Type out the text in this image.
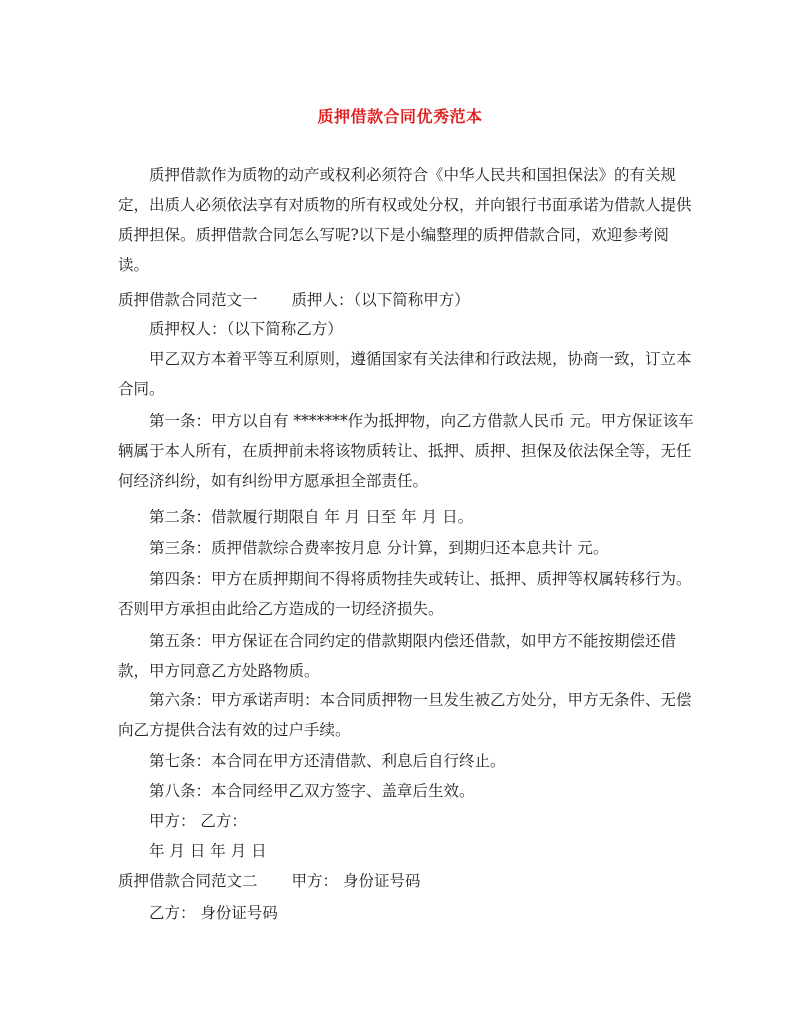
质押借款合同优秀范本

质押借款作为质物的动产或权利必须符合《中华人民共和国担保法》的有关规定，出质人必须依法享有对质物的所有权或处分权，并向银行书面承诺为借款人提供质押担保。质押借款合同怎么写呢?以下是小编整理的质押借款合同，欢迎参考阅读。

质押借款合同范文一 质押人：（以下简称甲方）

质押权人：（以下简称乙方）

甲乙双方本着平等互利原则，遵循国家有关法律和行政法规，协商一致，订立本合同。

第一条：甲方以自有 *******作为抵押物，向乙方借款人民币 元。甲方保证该车辆属于本人所有，在质押前未将该物质转让、抵押、质押、担保及依法保全等，无任何经济纠纷，如有纠纷甲方愿承担全部责任。

第二条：借款履行期限自 年 月 日至 年 月 日。

第三条：质押借款综合费率按月息 分计算，到期归还本息共计 元。

第四条：甲方在质押期间不得将质物挂失或转让、抵押、质押等权属转移行为。否则甲方承担由此给乙方造成的一切经济损失。

第五条：甲方保证在合同约定的借款期限内偿还借款，如甲方不能按期偿还借款，甲方同意乙方处路物质。

第六条：甲方承诺声明：本合同质押物一旦发生被乙方处分，甲方无条件、无偿向乙方提供合法有效的过户手续。

第七条：本合同在甲方还清借款、利息后自行终止。

第八条：本合同经甲乙双方签字、盖章后生效。

甲方： 乙方：

年 月 日 年 月 日

质押借款合同范文二 甲方： 身份证号码

乙方： 身份证号码
